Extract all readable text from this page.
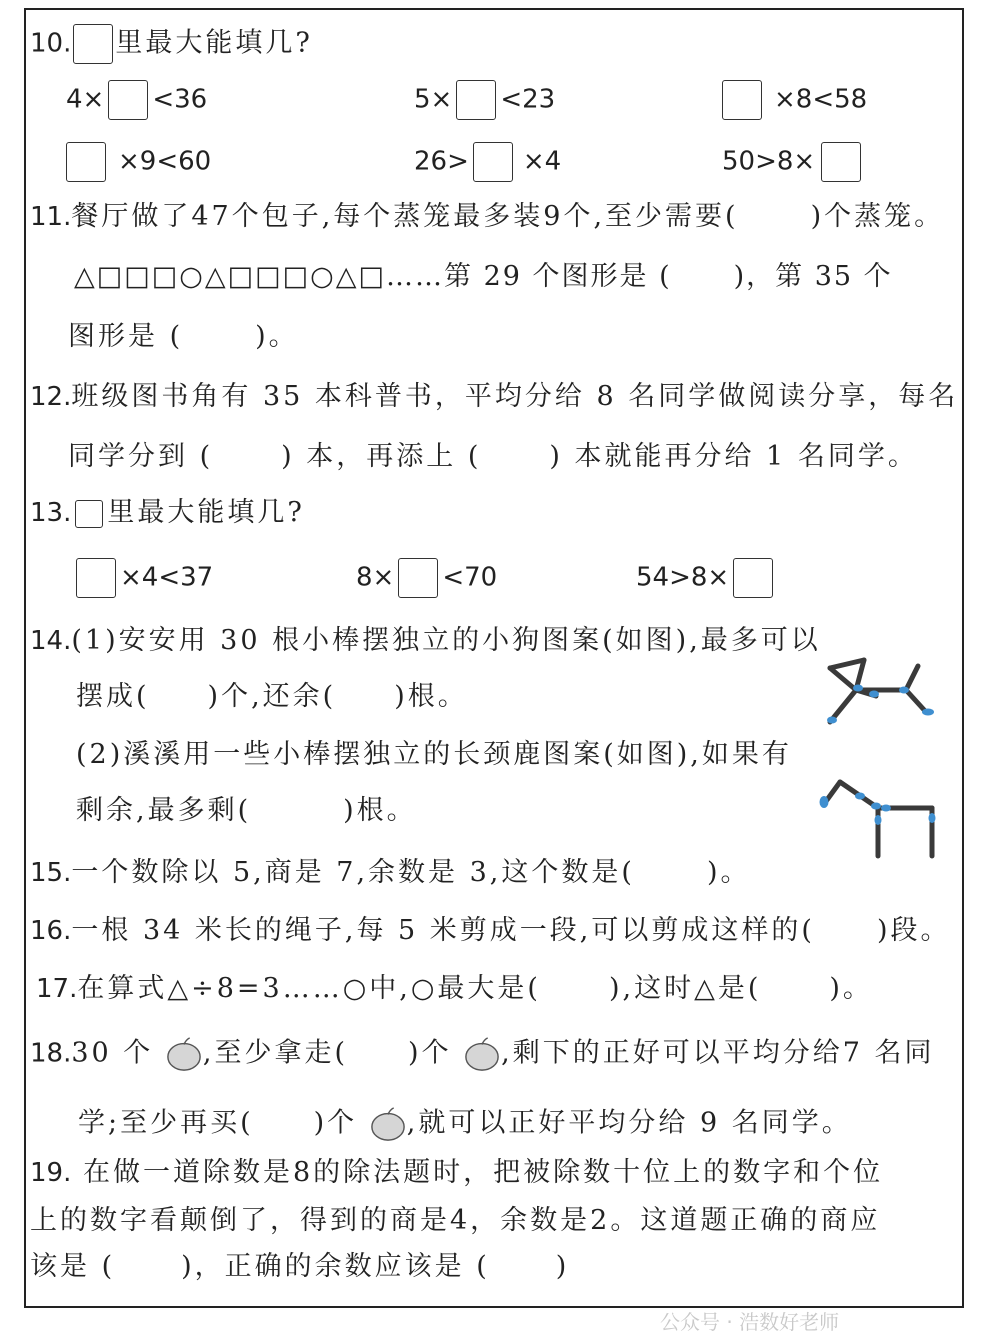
10. 里最大能填几?
4× <36	5× <23	×8<58
×9<60	26> ×4	50>8×
11.餐厅做了47个包子,每个蒸笼最多装9个,至少需要(	)个蒸笼。
△□□□○△□□□○△□……第 29 个图形是 ( )，第 35 个
图形是 (	)。
12.班级图书角有 35 本科普书，平均分给 8 名同学做阅读分享，每名
同学分到 (	) 本，再添上 (	) 本就能再分给 1 名同学。
13. 里最大能填几?
×4<37	8× <70	54>8×
14.(1)安安用 30 根小棒摆独立的小狗图案(如图),最多可以
摆成( )个,还余( )根。
(2)溪溪用一些小棒摆独立的长颈鹿图案(如图),如果有
剩余,最多剩(	)根。
15.一个数除以 5,商是 7,余数是 3,这个数是(	)。
16.一根 34 米长的绳子,每 5 米剪成一段,可以剪成这样的( )段。
17.在算式△÷8=3……○中,○最大是(	),这时△是(	)。
18.30 个 ,至少拿走( )个 ,剩下的正好可以平均分给7 名同
学;至少再买( )个 ,就可以正好平均分给 9 名同学。
19. 在做一道除数是8的除法题时，把被除数十位上的数字和个位
上的数字看颠倒了，得到的商是4，余数是2。这道题正确的商应
该是 ( )，正确的余数应该是 ( )
公众号 · 浩数好老师
